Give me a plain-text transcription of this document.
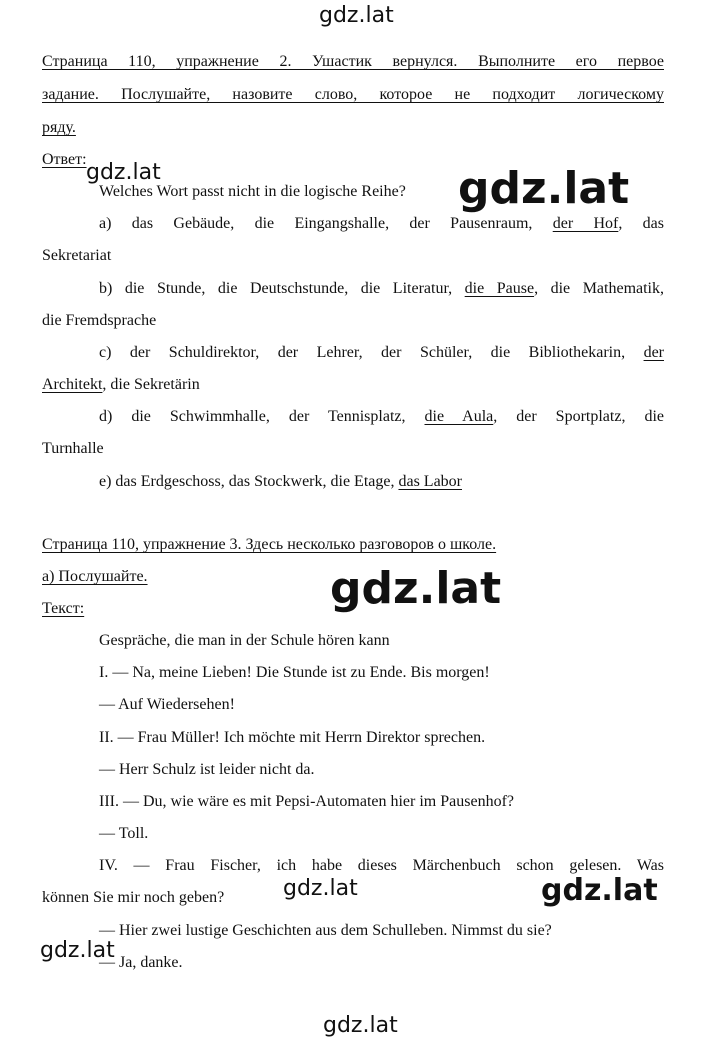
Страница 110, упражнение 2. Ушастик вернулся. Выполните его первое
задание. Послушайте, назовите слово, которое не подходит логическому
ряду.
Ответ:
Welches Wort passt nicht in die logische Reihe?
a) das Gebäude, die Eingangshalle, der Pausenraum, der Hof, das
Sekretariat
b) die Stunde, die Deutschstunde, die Literatur, die Pause, die Mathematik,
die Fremdsprache
c) der Schuldirektor, der Lehrer, der Schüler, die Bibliothekarin, der
Architekt, die Sekretärin
d) die Schwimmhalle, der Tennisplatz, die Aula, der Sportplatz, die
Turnhalle
e) das Erdgeschoss, das Stockwerk, die Etage, das Labor
Страница 110, упражнение 3. Здесь несколько разговоров о школе.
а) Послушайте.
Текст:
Gespräche, die man in der Schule hören kann
I. — Na, meine Lieben! Die Stunde ist zu Ende. Bis morgen!
— Auf Wiedersehen!
II. — Frau Müller! Ich möchte mit Herrn Direktor sprechen.
— Herr Schulz ist leider nicht da.
III. — Du, wie wäre es mit Pepsi-Automaten hier im Pausenhof?
— Toll.
IV. — Frau Fischer, ich habe dieses Märchenbuch schon gelesen. Was
können Sie mir noch geben?
— Hier zwei lustige Geschichten aus dem Schulleben. Nimmst du sie?
— Ja, danke.
gdz.lat
gdz.lat	gdz.lat
gdz.lat
gdz.lat	gdz.lat
gdz.lat
gdz.lat
